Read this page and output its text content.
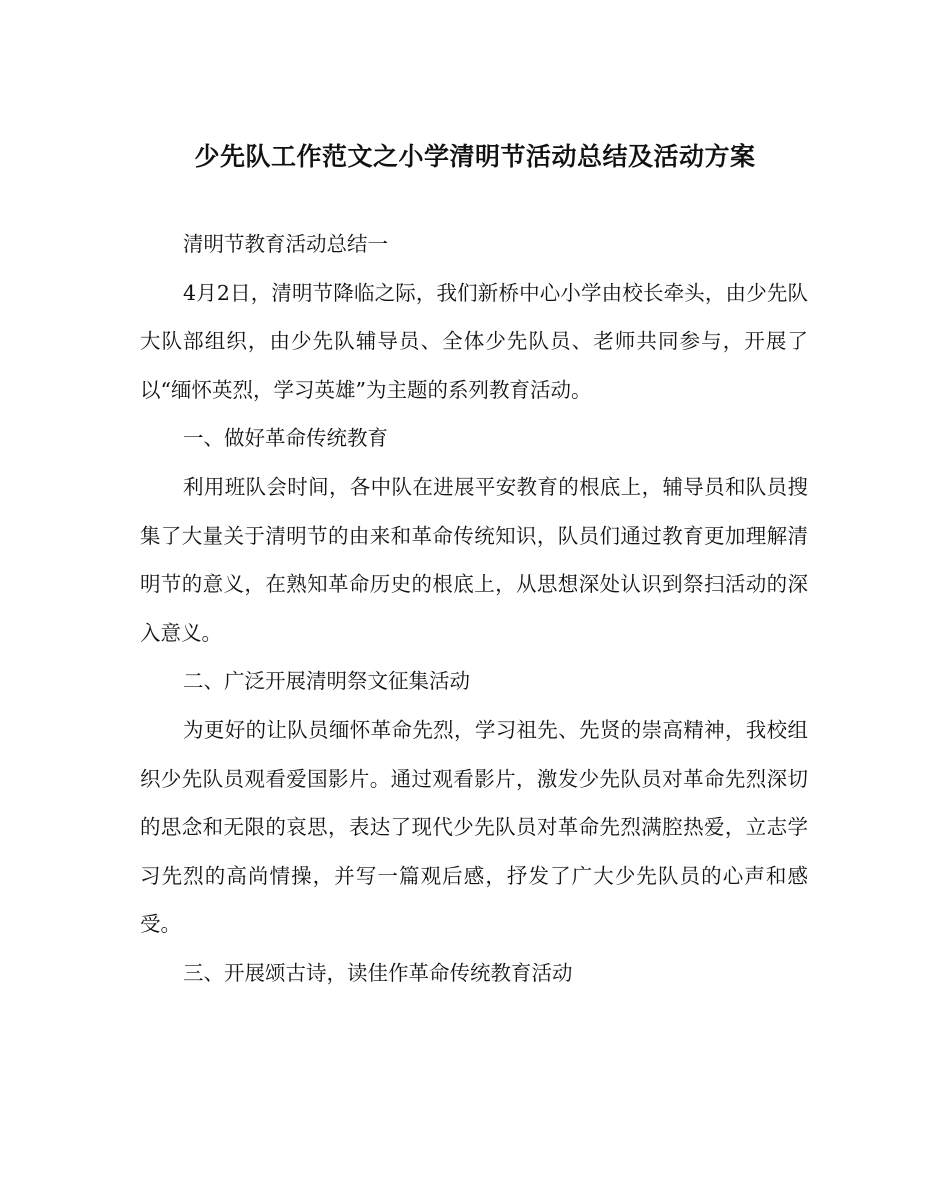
少先队工作范文之小学清明节活动总结及活动方案

清明节教育活动总结一

4月2日，清明节降临之际，我们新桥中心小学由校长牵头，由少先队大队部组织，由少先队辅导员、全体少先队员、老师共同参与，开展了以“缅怀英烈，学习英雄”为主题的系列教育活动。

一、做好革命传统教育

利用班队会时间，各中队在进展平安教育的根底上，辅导员和队员搜集了大量关于清明节的由来和革命传统知识，队员们通过教育更加理解清明节的意义，在熟知革命历史的根底上，从思想深处认识到祭扫活动的深入意义。

二、广泛开展清明祭文征集活动

为更好的让队员缅怀革命先烈，学习祖先、先贤的崇高精神，我校组织少先队员观看爱国影片。通过观看影片，激发少先队员对革命先烈深切的思念和无限的哀思，表达了现代少先队员对革命先烈满腔热爱，立志学习先烈的高尚情操，并写一篇观后感，抒发了广大少先队员的心声和感受。

三、开展颂古诗，读佳作革命传统教育活动
